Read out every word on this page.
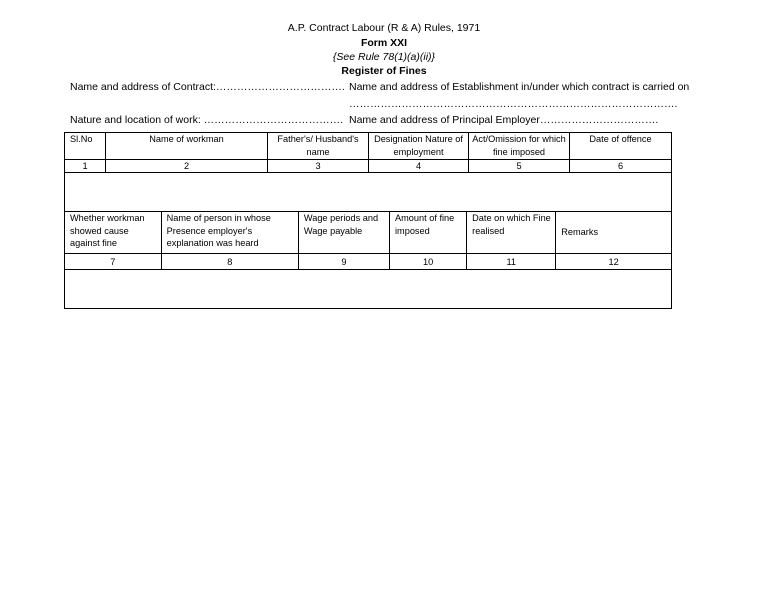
A.P. Contract Labour (R & A) Rules, 1971
Form XXI
{See Rule 78(1)(a)(ii)}
Register of Fines
Name and address of Contract:………………………………. Name and address of Establishment in/under which contract is carried on
………………………………………………………………………………….
Nature and location of work: …………………………………. Name and address of Principal Employer…………………………….
Sl.No	Name of workman	Father's/ Husband's name	Designation Nature of employment	Act/Omission for which fine imposed	Date of offence
1	2	3	4	5	6

Whether workman showed cause against fine	Name of person in whose Presence employer's explanation was heard	Wage periods and Wage payable	Amount of fine imposed	Date on which Fine realised	Remarks

7	8	9	10	11	12
